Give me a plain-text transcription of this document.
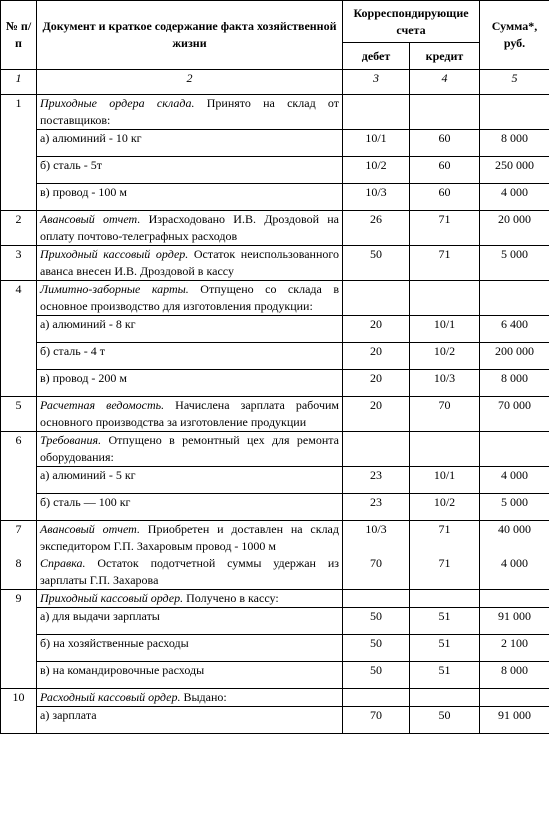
№ п/п	Документ и краткое содержание факта хозяйственной жизни	Корреспондирующие счета		Сумма*, руб.
		дебет	кредит	
1	2	3	4	5
1	Приходные ордера склада. Принято на склад от поставщиков:			
	а) алюминий - 10 кг	10/1	60	8 000
	б) сталь - 5т	10/2	60	250 000
	в) провод - 100 м	10/3	60	4 000
2	Авансовый отчет. Израсходовано И.В. Дроздовой на оплату почтово-телеграфных расходов	26	71	20 000
3	Приходный кассовый ордер. Остаток неиспользованного аванса внесен И.В. Дроздовой в кассу	50	71	5 000
4	Лимитно-заборные карты. Отпущено со склада в основное производство для изготовления продукции:			
	а) алюминий - 8 кг	20	10/1	6 400
	б) сталь - 4 т	20	10/2	200 000
	в) провод - 200 м	20	10/3	8 000
5	Расчетная ведомость. Начислена зарплата рабочим основного производства за изготовление продукции	20	70	70 000
6	Требования. Отпущено в ремонтный цех для ремонта оборудования:			
	а) алюминий - 5 кг	23	10/1	4 000
	б) сталь — 100 кг	23	10/2	5 000
7	Авансовый отчет. Приобретен и доставлен на склад экспедитором Г.П. Захаровым провод - 1000 м	10/3	71	40 000
8	Справка. Остаток подотчетной суммы удержан из зарплаты Г.П. Захарова	70	71	4 000
9	Приходный кассовый ордер. Получено в кассу:			
	а) для выдачи зарплаты	50	51	91 000
	б) на хозяйственные расходы	50	51	2 100
	в) на командировочные расходы	50	51	8 000
10	Расходный кассовый ордер. Выдано:			
	а) зарплата	70	50	91 000
